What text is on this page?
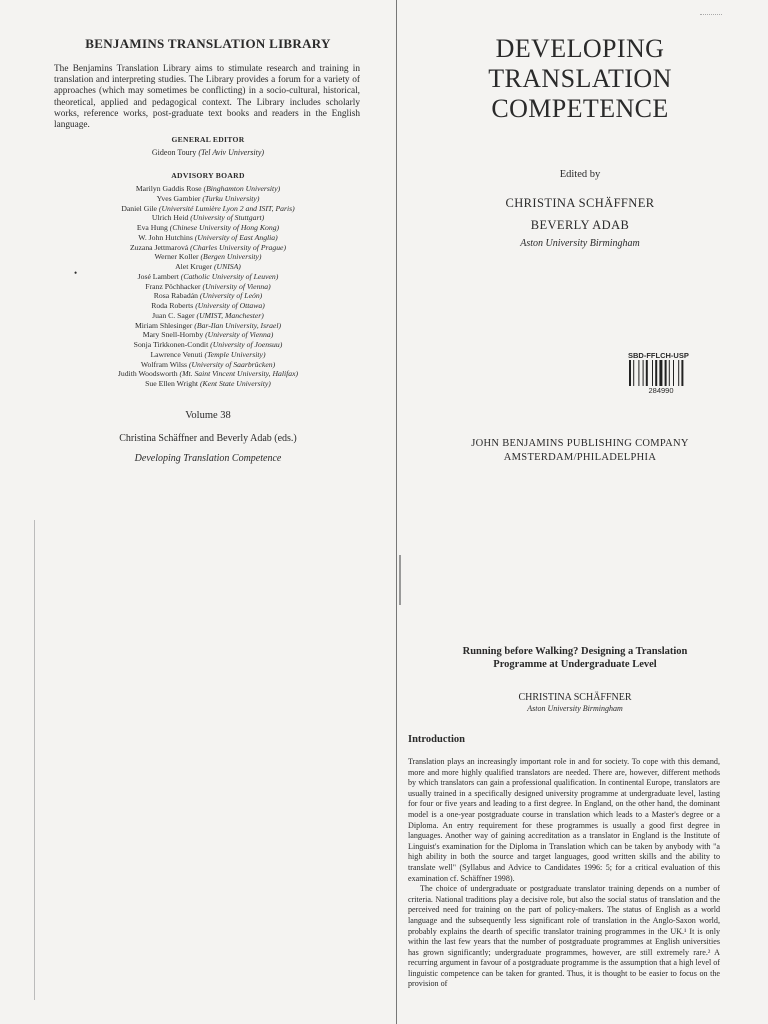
•
BENJAMINS TRANSLATION LIBRARY
The Benjamins Translation Library aims to stimulate research and training in translation and interpreting studies. The Library provides a forum for a variety of approaches (which may sometimes be conflicting) in a socio-cultural, historical, theoretical, applied and pedagogical context. The Library includes scholarly works, reference works, post-graduate text books and readers in the English language.
GENERAL EDITOR
Gideon Toury (Tel Aviv University)
ADVISORY BOARD
Marilyn Gaddis Rose (Binghamton University)
Yves Gambier (Turku University)
Daniel Gile (Université Lumière Lyon 2 and ISIT, Paris)
Ulrich Heid (University of Stuttgart)
Eva Hung (Chinese University of Hong Kong)
W. John Hutchins (University of East Anglia)
Zuzana Jettmarová (Charles University of Prague)
Werner Koller (Bergen University)
Alet Kruger (UNISA)
José Lambert (Catholic University of Leuven)
Franz Pöchhacker (University of Vienna)
Rosa Rabadán (University of León)
Roda Roberts (University of Ottawa)
Juan C. Sager (UMIST, Manchester)
Miriam Shlesinger (Bar-Ilan University, Israel)
Mary Snell-Hornby (University of Vienna)
Sonja Tirkkonen-Condit (University of Joensuu)
Lawrence Venuti (Temple University)
Wolfram Wilss (University of Saarbrücken)
Judith Woodsworth (Mt. Saint Vincent University, Halifax)
Sue Ellen Wright (Kent State University)
Volume 38
Christina Schäffner and Beverly Adab (eds.)
Developing Translation Competence
DEVELOPING
TRANSLATION
COMPETENCE
Edited by
CHRISTINA SCHÄFFNER
BEVERLY ADAB
Aston University Birmingham
SBD-FFLCH-USP
284990
JOHN BENJAMINS PUBLISHING COMPANY
AMSTERDAM/PHILADELPHIA
Running before Walking? Designing a Translation
Programme at Undergraduate Level
CHRISTINA SCHÄFFNER
Aston University Birmingham
Introduction

Translation plays an increasingly important role in and for society. To cope with this demand, more and more highly qualified translators are needed. There are, however, different methods by which translators can gain a professional qualification. In continental Europe, translators are usually trained in a specifically designed university programme at undergraduate level, lasting for four or five years and leading to a first degree. In England, on the other hand, the dominant model is a one-year postgraduate course in translation which leads to a Master's degree or a Diploma. An entry requirement for these programmes is usually a good first degree in languages. Another way of gaining accreditation as a translator in England is the Institute of Linguist's examination for the Diploma in Translation which can be taken by anybody with "a high ability in both the source and target languages, good written skills and the ability to translate well" (Syllabus and Advice to Candidates 1996: 5; for a critical evaluation of this examination cf. Schäffner 1998).

The choice of undergraduate or postgraduate translator training depends on a number of criteria. National traditions play a decisive role, but also the social status of translation and the perceived need for training on the part of policy-makers. The status of English as a world language and the subsequently less significant role of translation in the Anglo-Saxon world, probably explains the dearth of specific translator training programmes in the UK.¹ It is only within the last few years that the number of postgraduate programmes at English universities has grown significantly; undergraduate programmes, however, are still extremely rare.² A recurring argument in favour of a postgraduate programme is the assumption that a high level of linguistic competence can be taken for granted. Thus, it is thought to be easier to focus on the provision of
